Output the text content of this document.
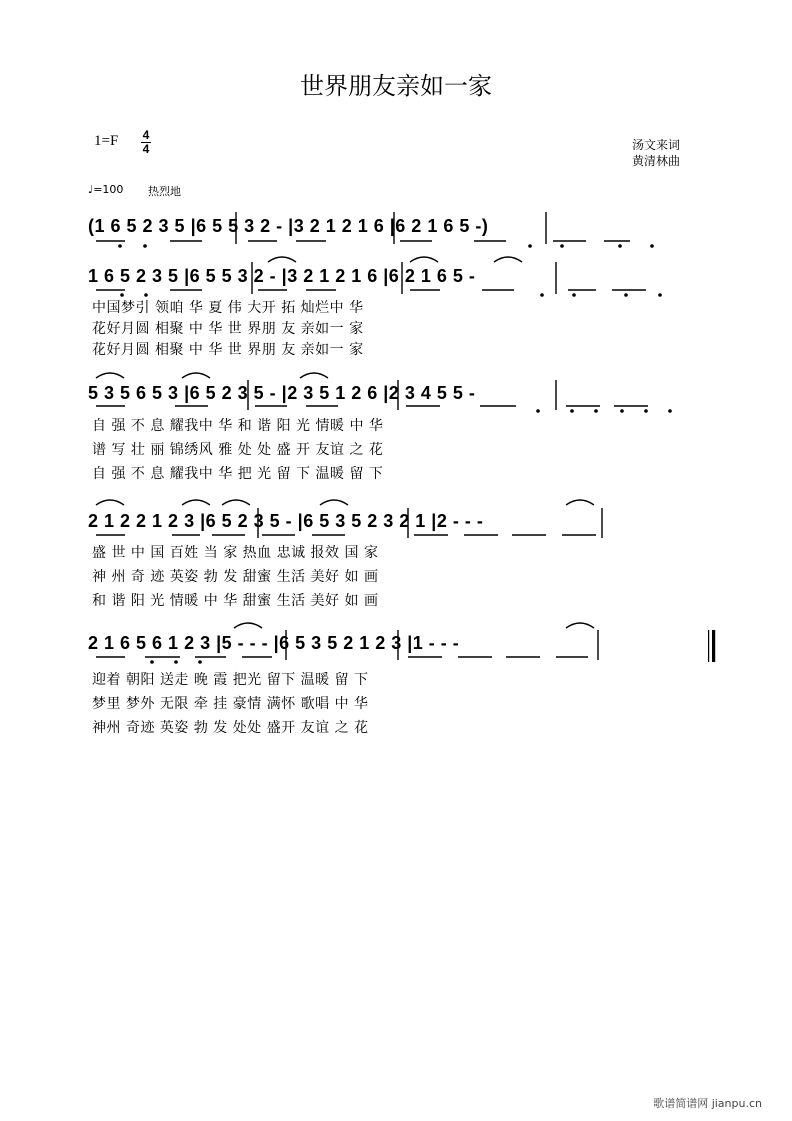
世界朋友亲如一家
1=F	4
4	汤文来词
黄清林曲
♩=100 热烈地
(1 6 5 2 3 5 |6 5 5 3 2 - |3 2 1 2 1 6 |6 2 1 6 5 -)
1 6 5 2 3 5 |6 5 5 3 2 - |3 2 1 2 1 6 |6 2 1 6 5 -
中国梦引 领咱 华 夏 伟 大开 拓 灿烂中 华
花好月圆 相聚 中 华 世 界朋 友 亲如一 家
花好月圆 相聚 中 华 世 界朋 友 亲如一 家
5 3 5 6 5 3 |6 5 2 3 5 - |2 3 5 1 2 6 |2 3 4 5 5 -
自 强 不 息 耀我中 华 和 谐 阳 光 情暖 中 华
谱 写 壮 丽 锦绣风 雅 处 处 盛 开 友谊 之 花
自 强 不 息 耀我中 华 把 光 留 下 温暖 留 下
2 1 2 2 1 2 3 |6 5 2 3 5 - |6 5 3 5 2 3 2 1 |2 - - -
盛 世 中 国 百姓 当 家 热血 忠诚 报效 国 家
神 州 奇 迹 英姿 勃 发 甜蜜 生活 美好 如 画
和 谐 阳 光 情暖 中 华 甜蜜 生活 美好 如 画
2 1 6 5 6 1 2 3 |5 - - - |6 5 3 5 2 1 2 3 |1 - - -
迎着 朝阳 送走 晚 霞 把光 留下 温暖 留 下
梦里 梦外 无限 牵 挂 豪情 满怀 歌唱 中 华
神州 奇迹 英姿 勃 发 处处 盛开 友谊 之 花
歌谱简谱网 jianpu.cn
